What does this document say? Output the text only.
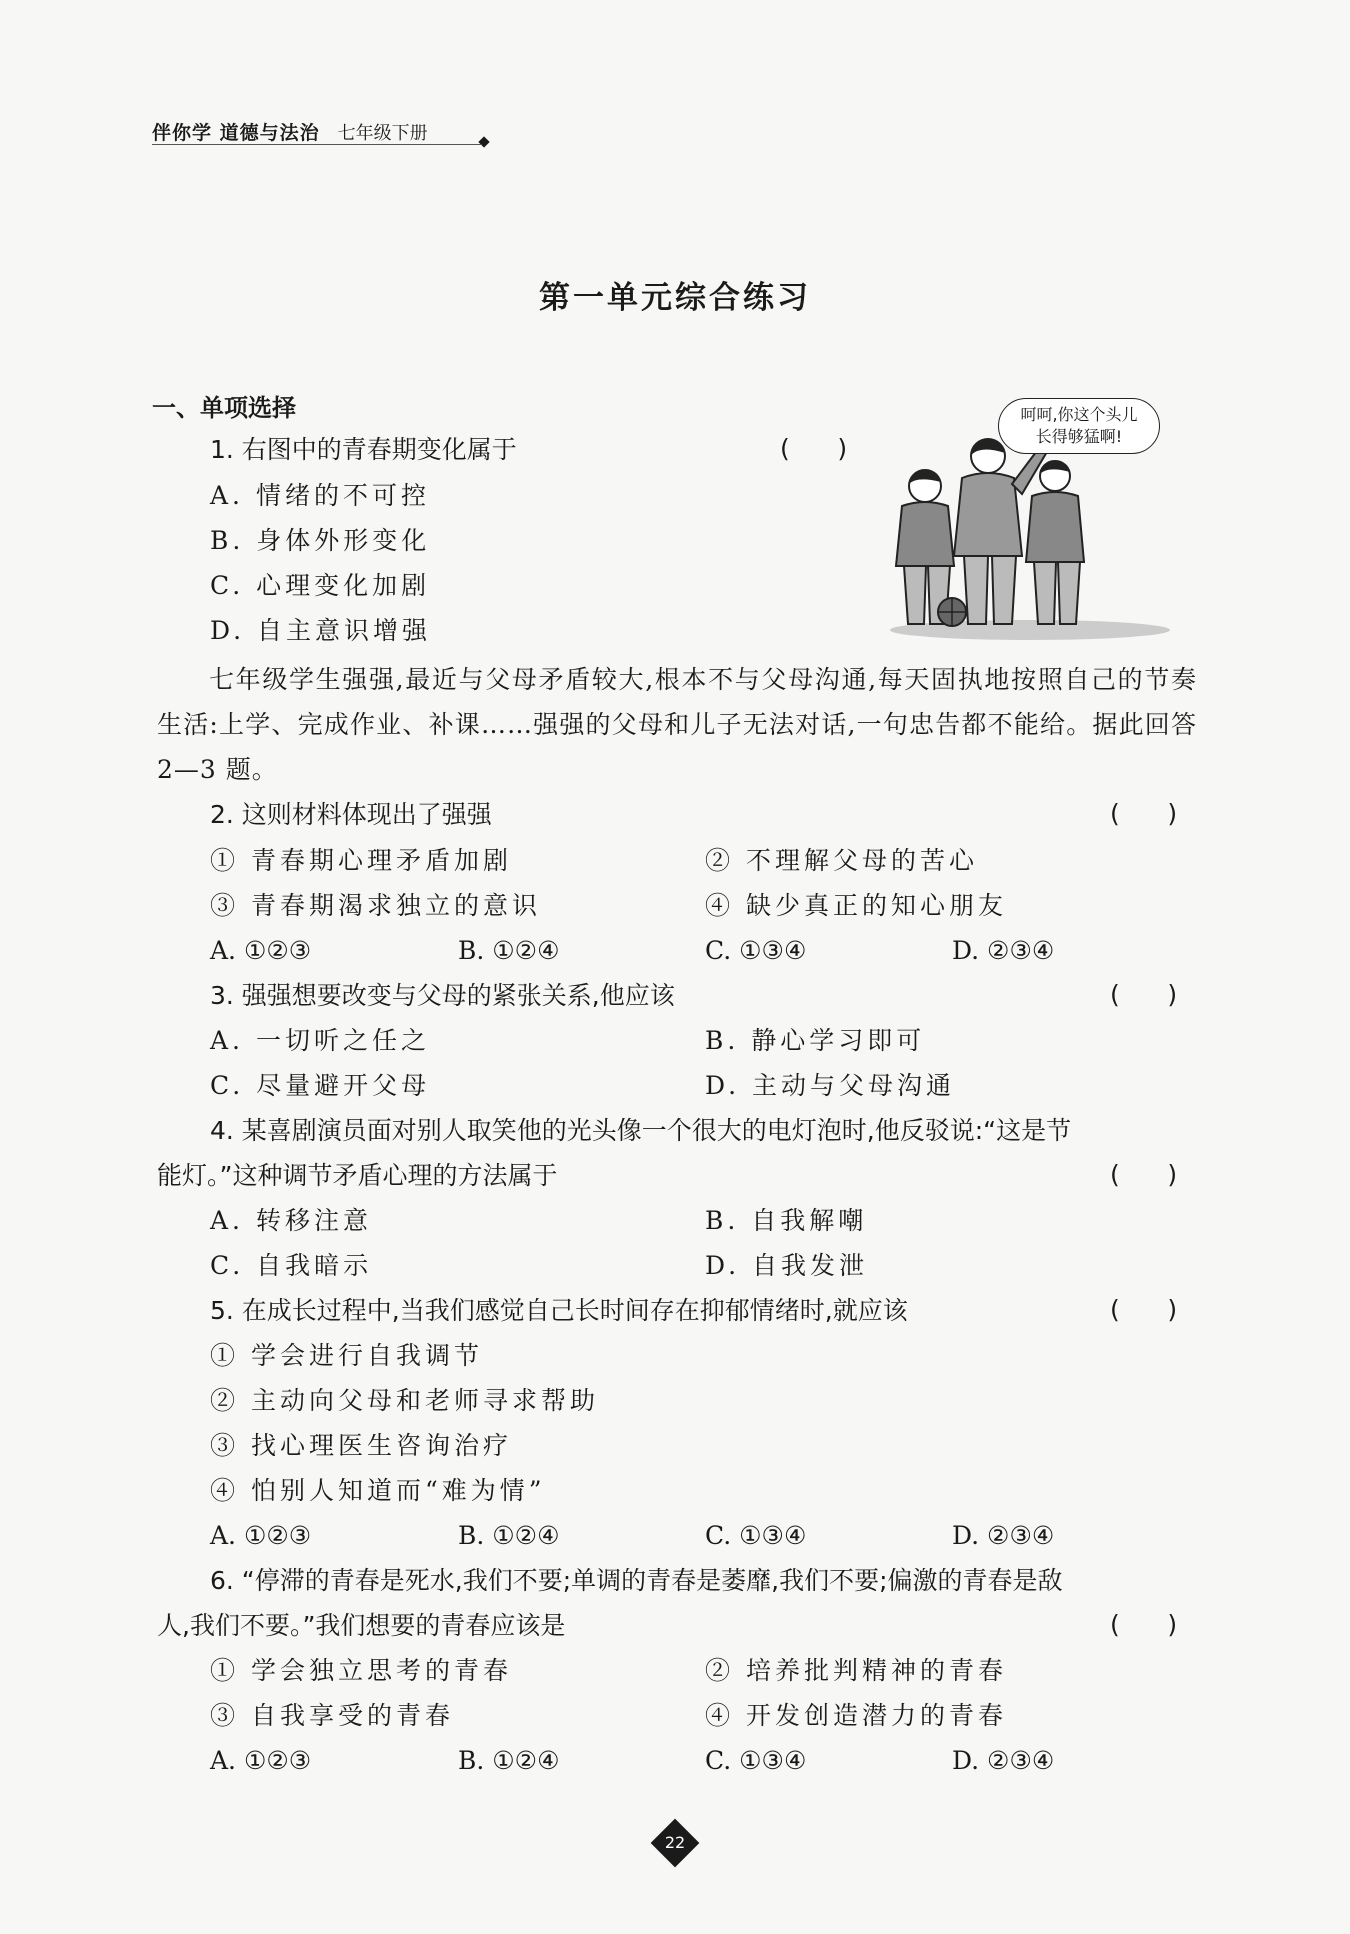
伴你学 道德与法治 七年级下册
第一单元综合练习
一、单项选择	呵呵,你这个头儿
长得够猛啊!
1. 右图中的青春期变化属于	(      )
A. 情绪的不可控
B. 身体外形变化
C. 心理变化加剧
D. 自主意识增强
七年级学生强强,最近与父母矛盾较大,根本不与父母沟通,每天固执地按照自己的节奏生活:上学、完成作业、补课……强强的父母和儿子无法对话,一句忠告都不能给。据此回答 2—3 题。
2. 这则材料体现出了强强	(      )
① 青春期心理矛盾加剧	② 不理解父母的苦心
③ 青春期渴求独立的意识	④ 缺少真正的知心朋友
A. ①②③	B. ①②④	C. ①③④	D. ②③④
3. 强强想要改变与父母的紧张关系,他应该	(      )
A. 一切听之任之	B. 静心学习即可
C. 尽量避开父母	D. 主动与父母沟通
4. 某喜剧演员面对别人取笑他的光头像一个很大的电灯泡时,他反驳说:“这是节
能灯。”这种调节矛盾心理的方法属于	(      )
A. 转移注意	B. 自我解嘲
C. 自我暗示	D. 自我发泄
5. 在成长过程中,当我们感觉自己长时间存在抑郁情绪时,就应该	(      )
① 学会进行自我调节
② 主动向父母和老师寻求帮助
③ 找心理医生咨询治疗
④ 怕别人知道而“难为情”
A. ①②③	B. ①②④	C. ①③④	D. ②③④
6. “停滞的青春是死水,我们不要;单调的青春是萎靡,我们不要;偏激的青春是敌
人,我们不要。”我们想要的青春应该是	(      )
① 学会独立思考的青春	② 培养批判精神的青春
③ 自我享受的青春	④ 开发创造潜力的青春
A. ①②③	B. ①②④	C. ①③④	D. ②③④
22
